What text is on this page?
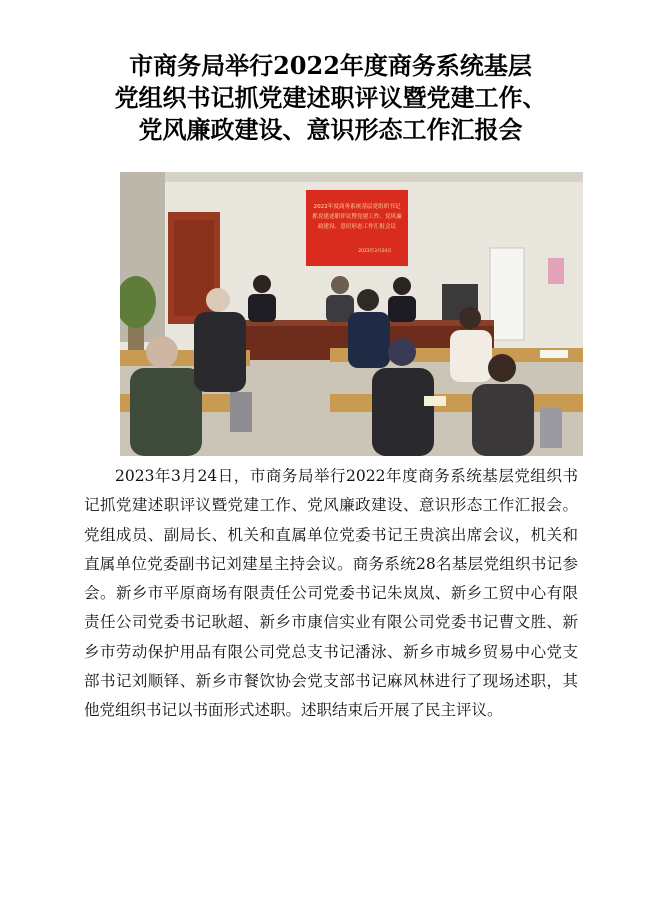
市商务局举行2022年度商务系统基层
党组织书记抓党建述职评议暨党建工作、
党风廉政建设、意识形态工作汇报会
2022年度商务系统基层党组织书记
抓党建述职评议暨党建工作、党风廉
政建设、意识形态工作汇报会议
2023年3月24日

2023年3月24日，市商务局举行2022年度商务系统基层党组织书记抓党建述职评议暨党建工作、党风廉政建设、意识形态工作汇报会。党组成员、副局长、机关和直属单位党委书记王贵滨出席会议，机关和直属单位党委副书记刘建星主持会议。商务系统28名基层党组织书记参会。新乡市平原商场有限责任公司党委书记朱岚岚、新乡工贸中心有限责任公司党委书记耿超、新乡市康信实业有限公司党委书记曹文胜、新乡市劳动保护用品有限公司党总支书记潘泳、新乡市城乡贸易中心党支部书记刘顺铎、新乡市餐饮协会党支部书记麻风林进行了现场述职，其他党组织书记以书面形式述职。述职结束后开展了民主评议。
